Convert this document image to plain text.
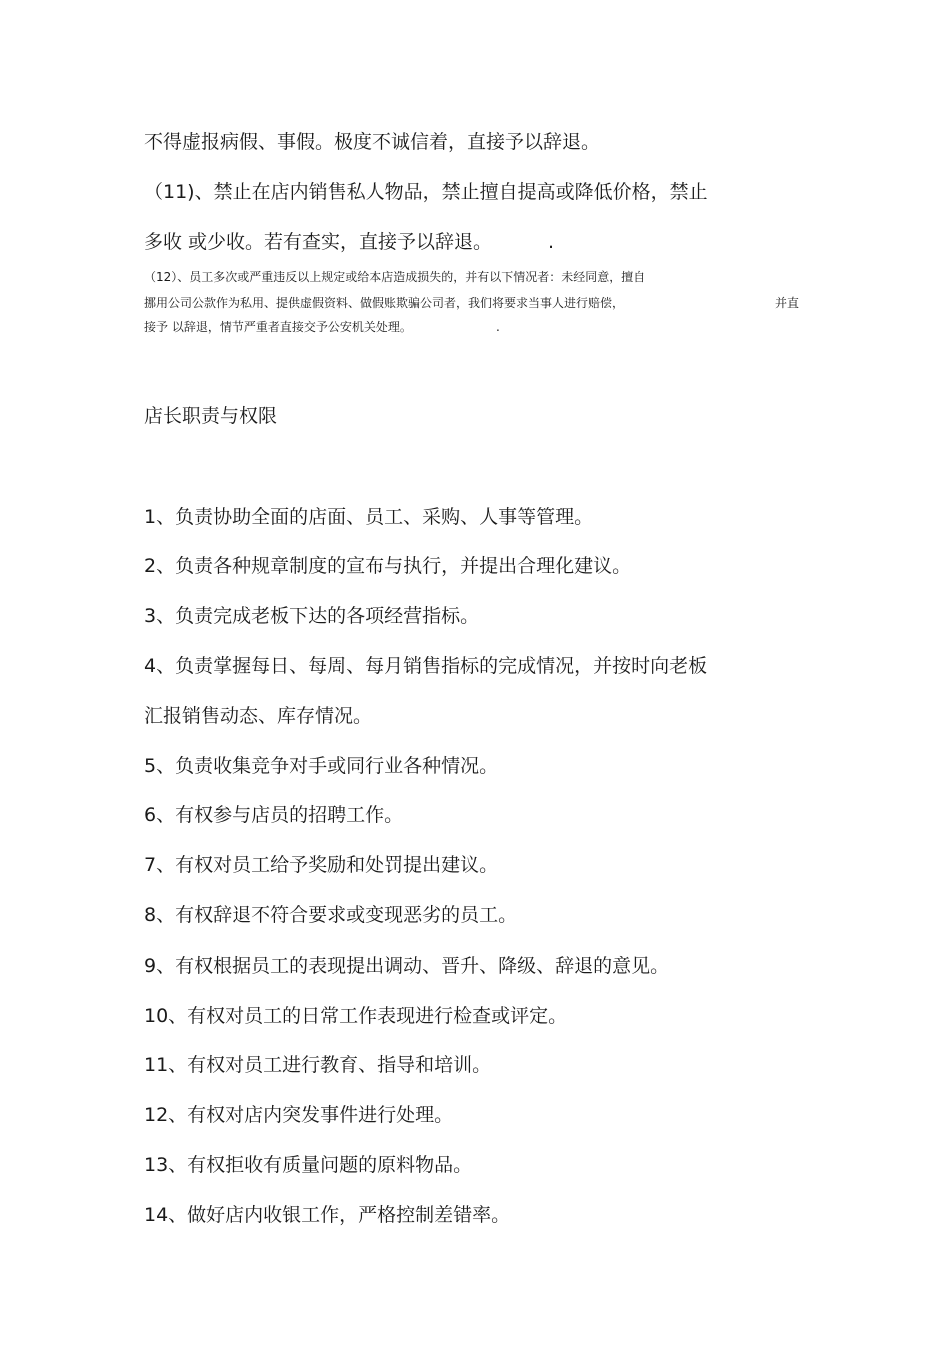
不得虚报病假、事假。极度不诚信着，直接予以辞退。
（11)、禁止在店内销售私人物品，禁止擅自提高或降低价格，禁止
多收 或少收。若有查实，直接予以辞退。	.
（12）、员工多次或严重违反以上规定或给本店造成损失的，并有以下情况者：未经同意，擅自
挪用公司公款作为私用、提供虚假资料、做假账欺骗公司者，我们将要求当事人进行赔偿，	并直
接予 以辞退，情节严重者直接交予公安机关处理。	.
店长职责与权限
1、负责协助全面的店面、员工、采购、人事等管理。
2、负责各种规章制度的宣布与执行，并提出合理化建议。
3、负责完成老板下达的各项经营指标。
4、负责掌握每日、每周、每月销售指标的完成情况，并按时向老板
汇报销售动态、库存情况。
5、负责收集竞争对手或同行业各种情况。
6、有权参与店员的招聘工作。
7、有权对员工给予奖励和处罚提出建议。
8、有权辞退不符合要求或变现恶劣的员工。
9、有权根据员工的表现提出调动、晋升、降级、辞退的意见。
10、有权对员工的日常工作表现进行检查或评定。
11、有权对员工进行教育、指导和培训。
12、有权对店内突发事件进行处理。
13、有权拒收有质量问题的原料物品。
14、做好店内收银工作，严格控制差错率。
